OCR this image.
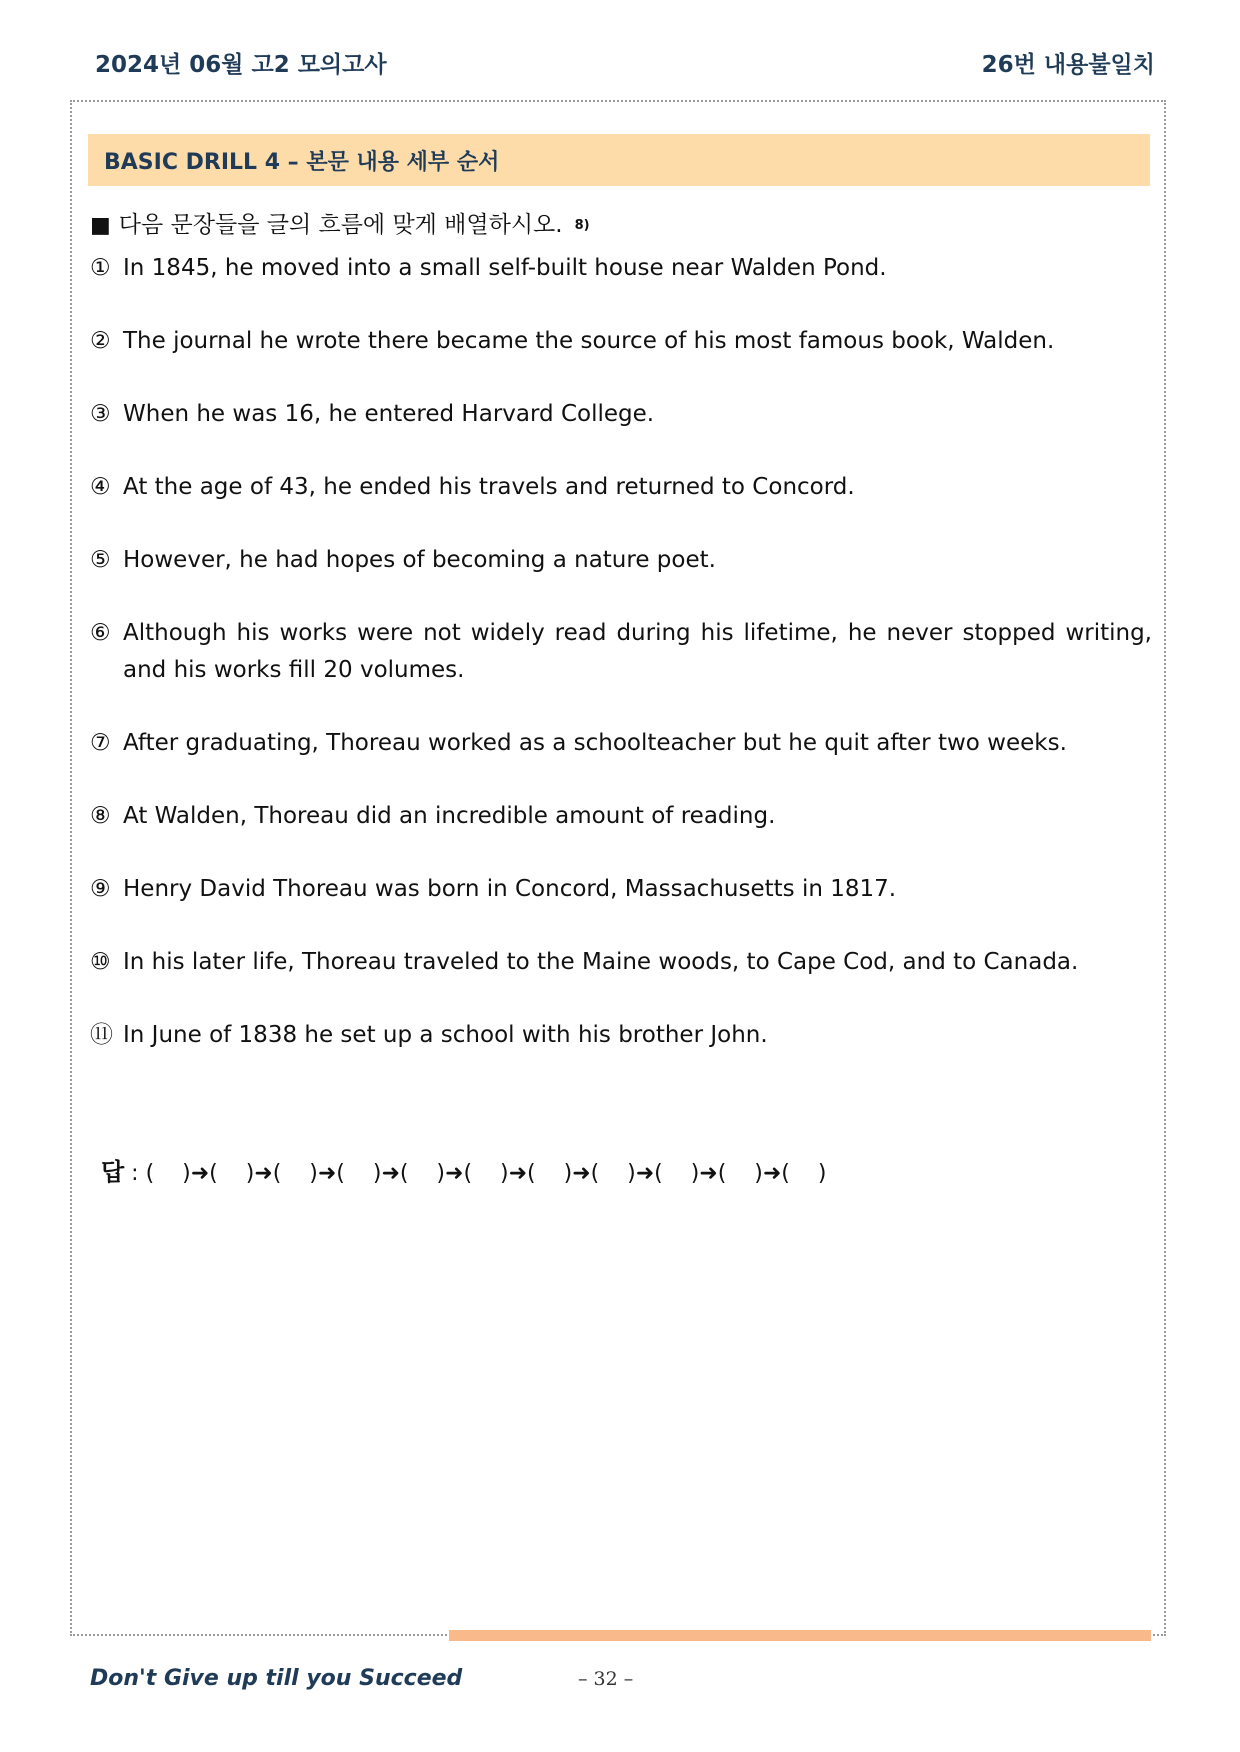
2024년 06월 고2 모의고사	26번 내용불일치
BASIC DRILL 4 – 본문 내용 세부 순서
■ 다음 문장들을 글의 흐름에 맞게 배열하시오. 8)
① In 1845, he moved into a small self-built house near Walden Pond.
② The journal he wrote there became the source of his most famous book, Walden.
③ When he was 16, he entered Harvard College.
④ At the age of 43, he ended his travels and returned to Concord.
⑤ However, he had hopes of becoming a nature poet.
⑥ Although his works were not widely read during his lifetime, he never stopped writing, and his works fill 20 volumes.
⑦ After graduating, Thoreau worked as a schoolteacher but he quit after two weeks.
⑧ At Walden, Thoreau did an incredible amount of reading.
⑨ Henry David Thoreau was born in Concord, Massachusetts in 1817.
⑩ In his later life, Thoreau traveled to the Maine woods, to Cape Cod, and to Canada.
⑪ In June of 1838 he set up a school with his brother John.
답 : (    )➜(    )➜(    )➜(    )➜(    )➜(    )➜(    )➜(    )➜(    )➜(    )➜(    )
Don't Give up till you Succeed	– 32 –
